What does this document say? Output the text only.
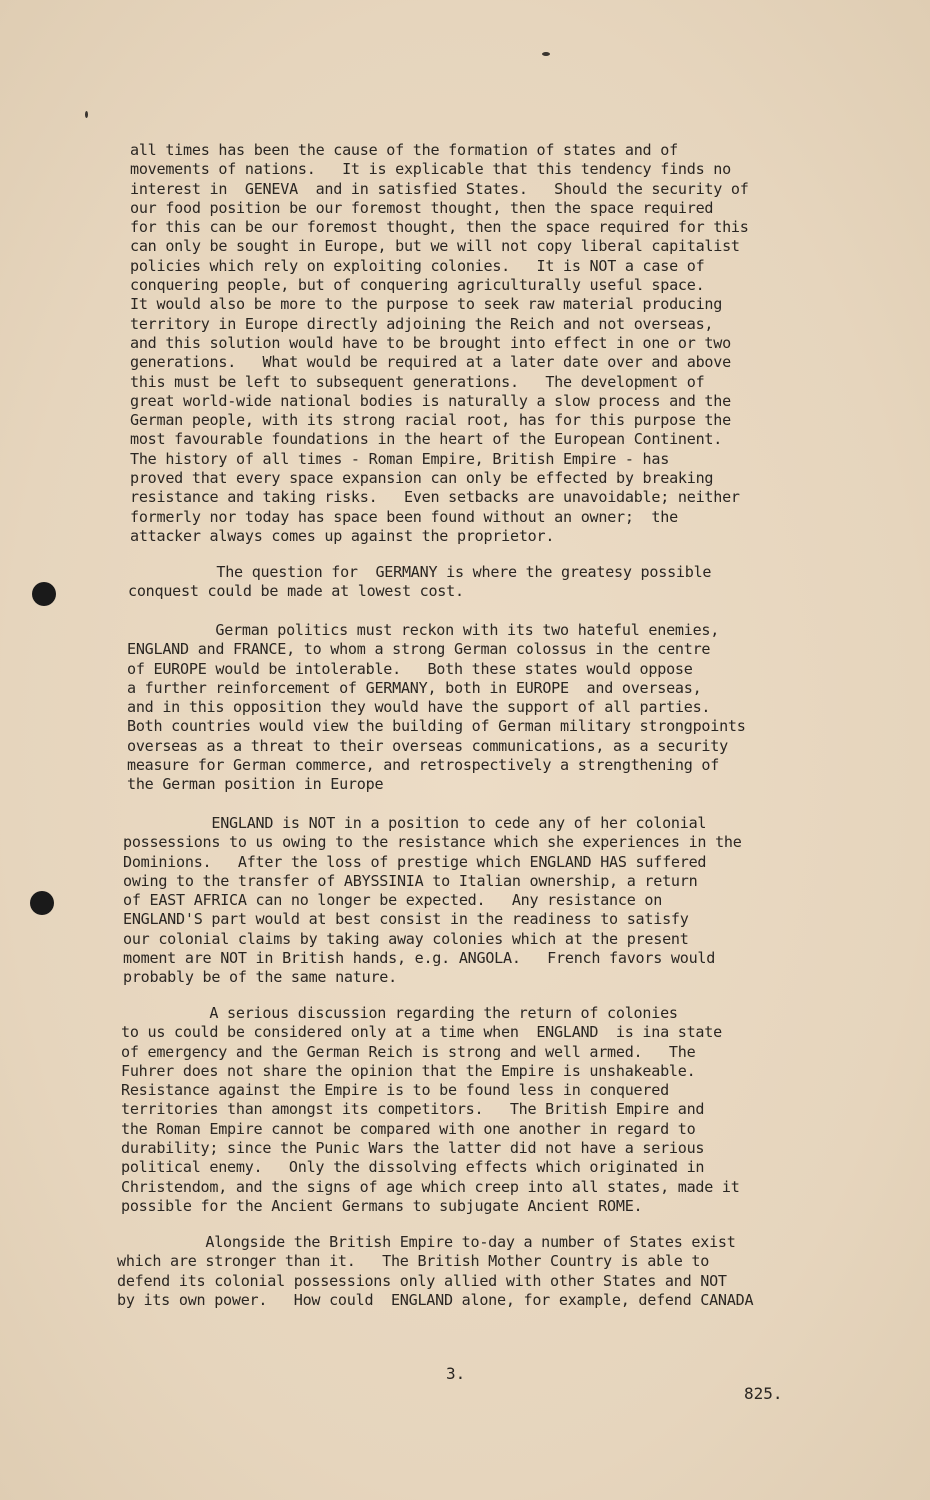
all times has been the cause of the formation of states and of
movements of nations.   It is explicable that this tendency finds no
interest in  GENEVA  and in satisfied States.   Should the security of
our food position be our foremost thought, then the space required
for this can be our foremost thought, then the space required for this
can only be sought in Europe, but we will not copy liberal capitalist
policies which rely on exploiting colonies.   It is NOT a case of
conquering people, but of conquering agriculturally useful space.
It would also be more to the purpose to seek raw material producing
territory in Europe directly adjoining the Reich and not overseas,
and this solution would have to be brought into effect in one or two
generations.   What would be required at a later date over and above
this must be left to subsequent generations.   The development of
great world-wide national bodies is naturally a slow process and the
German people, with its strong racial root, has for this purpose the
most favourable foundations in the heart of the European Continent.
The history of all times - Roman Empire, British Empire - has
proved that every space expansion can only be effected by breaking
resistance and taking risks.   Even setbacks are unavoidable; neither
formerly nor today has space been found without an owner;  the
attacker always comes up against the proprietor.
The question for  GERMANY is where the greatesy possible
conquest could be made at lowest cost.
German politics must reckon with its two hateful enemies,
ENGLAND and FRANCE, to whom a strong German colossus in the centre
of EUROPE would be intolerable.   Both these states would oppose
a further reinforcement of GERMANY, both in EUROPE  and overseas,
and in this opposition they would have the support of all parties.
Both countries would view the building of German military strongpoints
overseas as a threat to their overseas communications, as a security
measure for German commerce, and retrospectively a strengthening of
the German position in Europe
ENGLAND is NOT in a position to cede any of her colonial
possessions to us owing to the resistance which she experiences in the
Dominions.   After the loss of prestige which ENGLAND HAS suffered
owing to the transfer of ABYSSINIA to Italian ownership, a return
of EAST AFRICA can no longer be expected.   Any resistance on
ENGLAND'S part would at best consist in the readiness to satisfy
our colonial claims by taking away colonies which at the present
moment are NOT in British hands, e.g. ANGOLA.   French favors would
probably be of the same nature.
A serious discussion regarding the return of colonies
to us could be considered only at a time when  ENGLAND  is ina state
of emergency and the German Reich is strong and well armed.   The
Fuhrer does not share the opinion that the Empire is unshakeable.
Resistance against the Empire is to be found less in conquered
territories than amongst its competitors.   The British Empire and
the Roman Empire cannot be compared with one another in regard to
durability; since the Punic Wars the latter did not have a serious
political enemy.   Only the dissolving effects which originated in
Christendom, and the signs of age which creep into all states, made it
possible for the Ancient Germans to subjugate Ancient ROME.
Alongside the British Empire to-day a number of States exist
which are stronger than it.   The British Mother Country is able to
defend its colonial possessions only allied with other States and NOT
by its own power.   How could  ENGLAND alone, for example, defend CANADA
3.
825.
